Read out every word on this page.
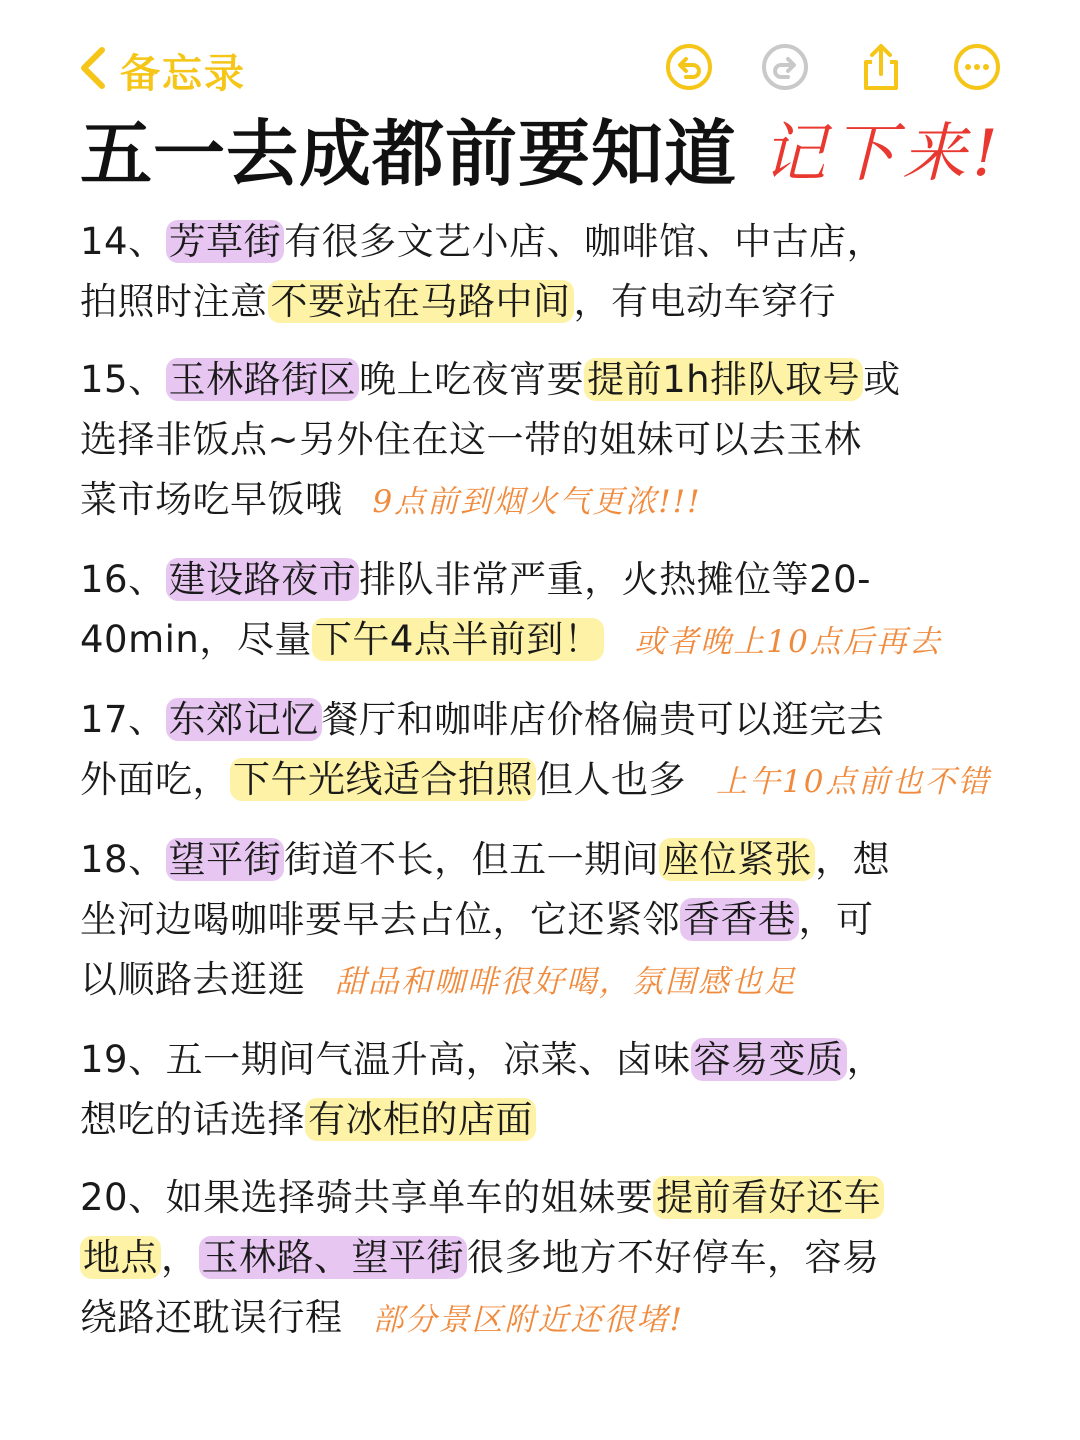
备忘录
五一去成都前要知道 记下来!
14、芳草街有很多文艺小店、咖啡馆、中古店，
拍照时注意不要站在马路中间，有电动车穿行
15、玉林路街区晚上吃夜宵要提前1h排队取号或
选择非饭点~另外住在这一带的姐妹可以去玉林
菜市场吃早饭哦 9点前到烟火气更浓!!!
16、建设路夜市排队非常严重，火热摊位等20-
40min，尽量下午4点半前到！ 或者晚上10点后再去
17、东郊记忆餐厅和咖啡店价格偏贵可以逛完去
外面吃，下午光线适合拍照但人也多 上午10点前也不错
18、望平街街道不长，但五一期间座位紧张，想
坐河边喝咖啡要早去占位，它还紧邻香香巷，可
以顺路去逛逛 甜品和咖啡很好喝，氛围感也足
19、五一期间气温升高，凉菜、卤味容易变质，
想吃的话选择有冰柜的店面
20、如果选择骑共享单车的姐妹要提前看好还车
地点，玉林路、望平街很多地方不好停车，容易
绕路还耽误行程 部分景区附近还很堵!
